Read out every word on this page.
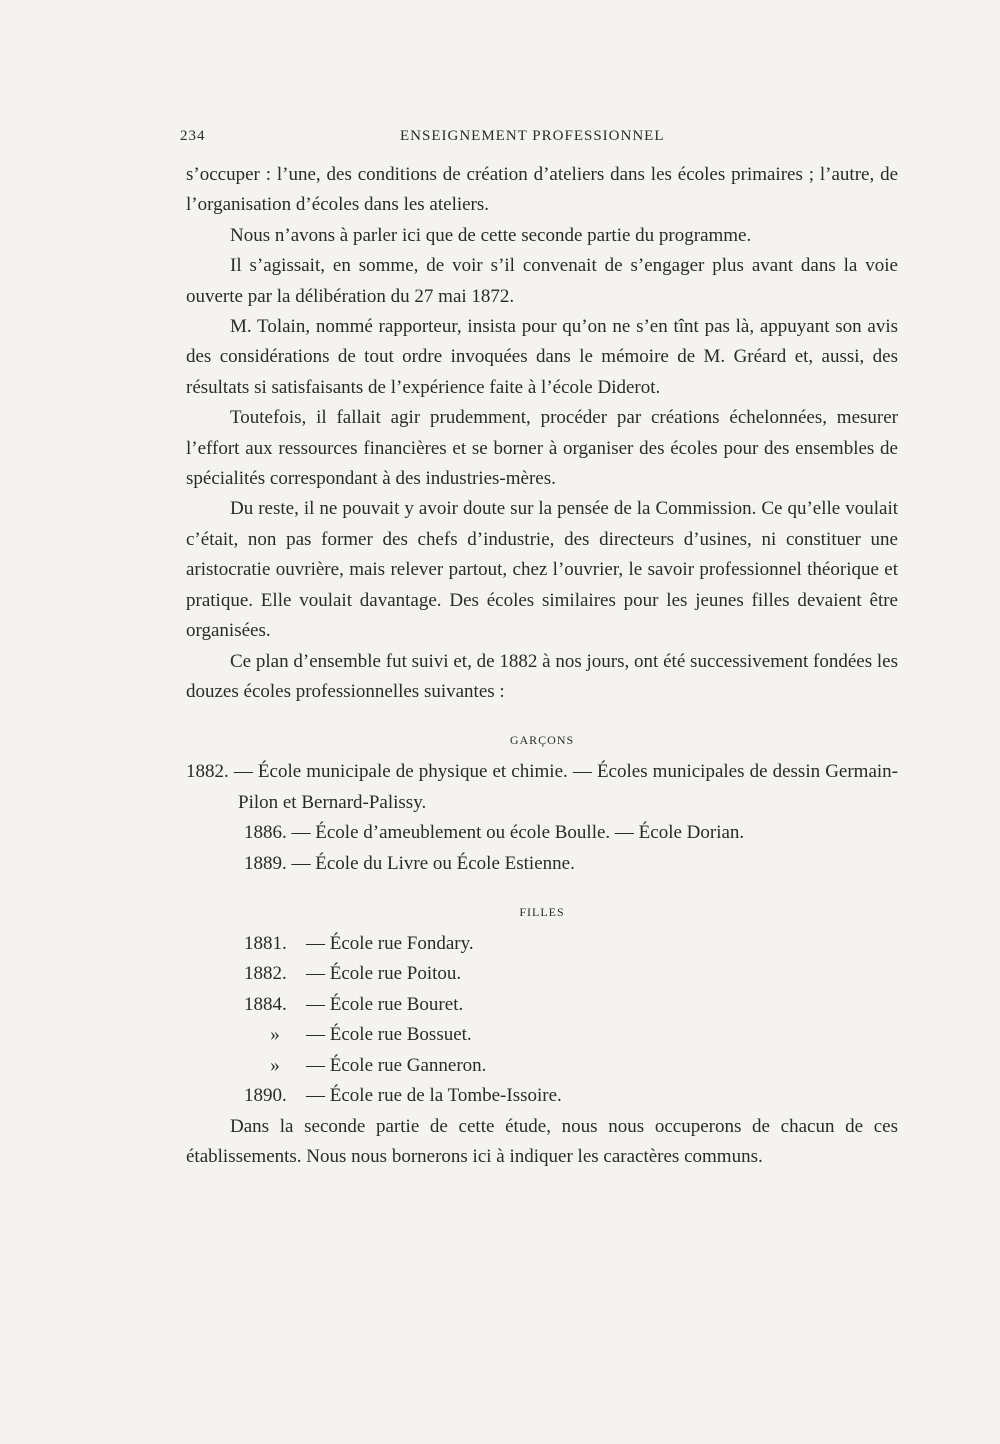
234	ENSEIGNEMENT PROFESSIONNEL

s’occuper : l’une, des conditions de création d’ateliers dans les écoles primaires ; l’autre, de l’organisation d’écoles dans les ateliers.

Nous n’avons à parler ici que de cette seconde partie du programme.

Il s’agissait, en somme, de voir s’il convenait de s’engager plus avant dans la voie ouverte par la délibération du 27 mai 1872.

M. Tolain, nommé rapporteur, insista pour qu’on ne s’en tînt pas là, appuyant son avis des considérations de tout ordre invoquées dans le mémoire de M. Gréard et, aussi, des résultats si satisfaisants de l’expérience faite à l’école Diderot.

Toutefois, il fallait agir prudemment, procéder par créations échelonnées, mesurer l’effort aux ressources financières et se borner à organiser des écoles pour des ensembles de spécialités correspondant à des industries-mères.

Du reste, il ne pouvait y avoir doute sur la pensée de la Commission. Ce qu’elle voulait c’était, non pas former des chefs d’industrie, des directeurs d’usines, ni constituer une aristocratie ouvrière, mais relever partout, chez l’ouvrier, le savoir professionnel théorique et pratique. Elle voulait davantage. Des écoles similaires pour les jeunes filles devaient être organisées.

Ce plan d’ensemble fut suivi et, de 1882 à nos jours, ont été successivement fondées les douzes écoles professionnelles suivantes :

GARÇONS

1882. — École municipale de physique et chimie. — Écoles municipales de dessin Germain-Pilon et Bernard-Palissy.

1886. — École d’ameublement ou école Boulle. — École Dorian.

1889. — École du Livre ou École Estienne.

FILLES

1881. — École rue Fondary.
1882. — École rue Poitou.
1884. — École rue Bouret.
» — École rue Bossuet.
» — École rue Ganneron.
1890. — École rue de la Tombe-Issoire.

Dans la seconde partie de cette étude, nous nous occuperons de chacun de ces établissements. Nous nous bornerons ici à indiquer les caractères communs.
